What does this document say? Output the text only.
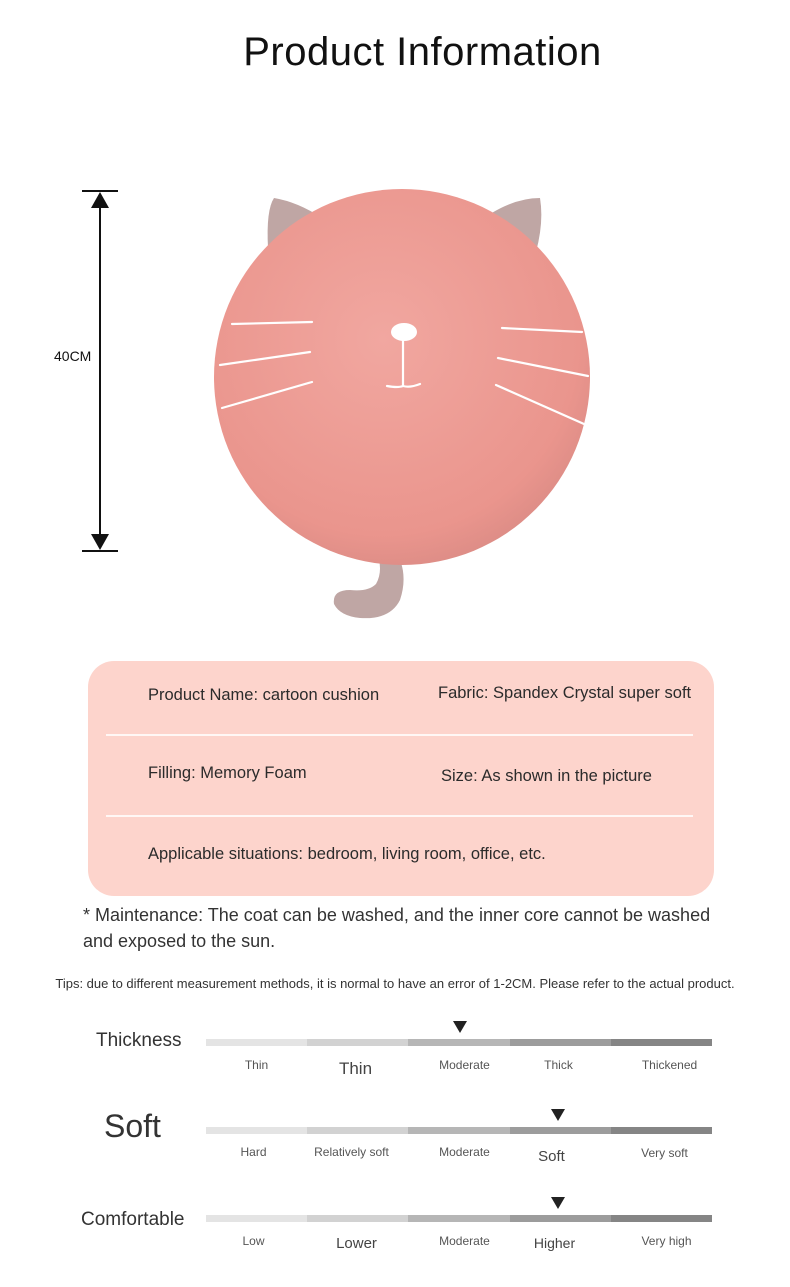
Product Information
40CM
Product Name: cartoon cushion	Fabric: Spandex Crystal super soft
Filling: Memory Foam	Size: As shown in the picture
Applicable situations: bedroom, living room, office, etc.
* Maintenance: The coat can be washed, and the inner core cannot be washed
and exposed to the sun.
Tips: due to different measurement methods, it is normal to have an error of 1-2CM. Please refer to the actual product.
Thickness
Thin	Thin	Moderate	Thick	Thickened
Soft
Hard	Relatively soft	Moderate	Soft	Very soft
Comfortable
Low	Lower	Moderate	Higher	Very high
